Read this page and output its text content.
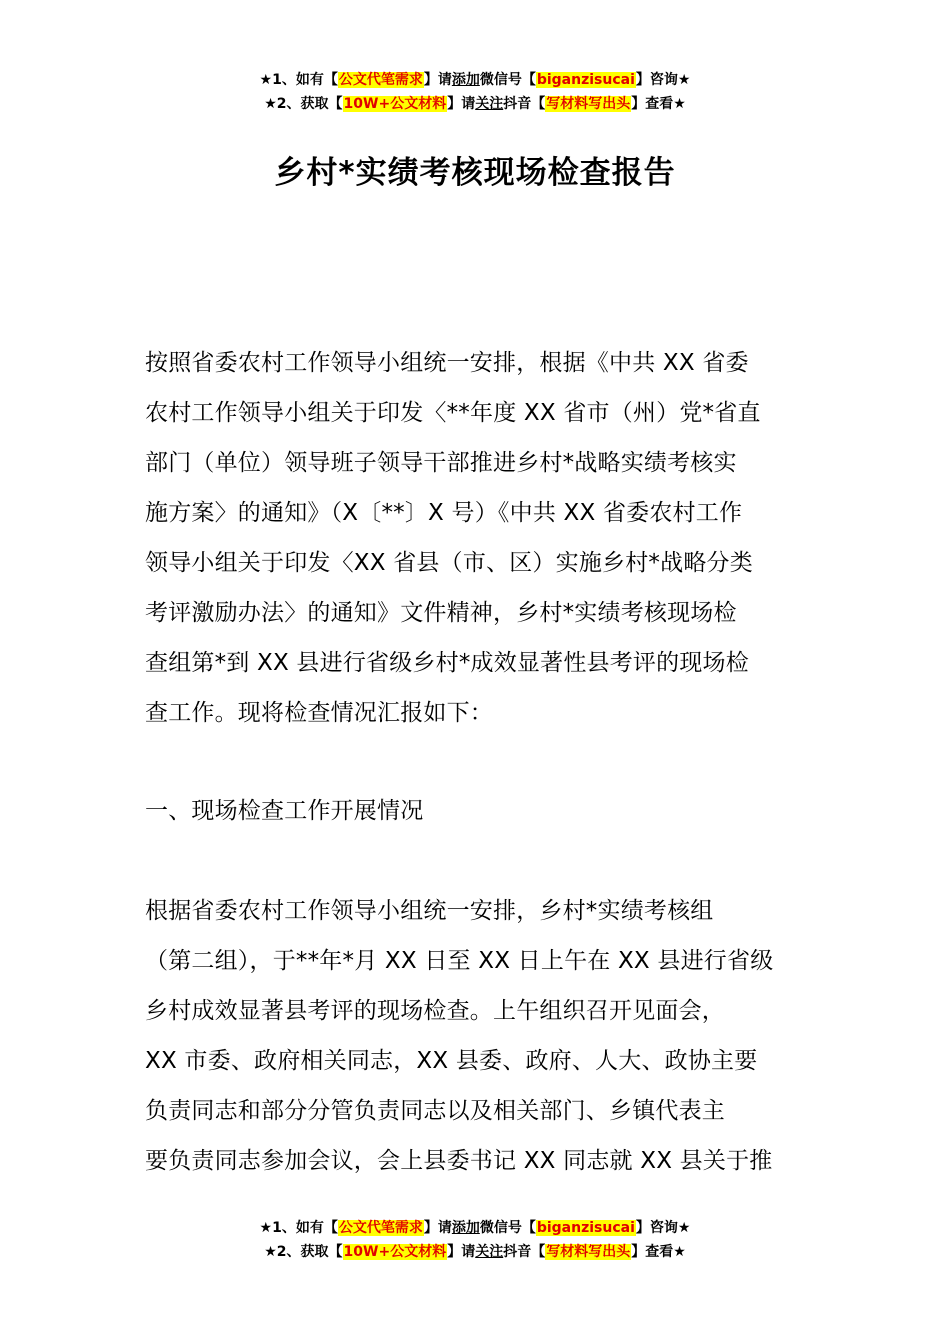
★1、如有【公文代笔需求】请添加微信号【biganzisucai】咨询★
★2、获取【10W+公文材料】请关注抖音【写材料写出头】查看★
乡村*实绩考核现场检查报告
按照省委农村工作领导小组统一安排，根据《中共 XX 省委
农村工作领导小组关于印发〈**年度 XX 省市（州）党*省直
部门（单位）领导班子领导干部推进乡村*战略实绩考核实
施方案〉的通知》（X〔**〕X 号）《中共 XX 省委农村工作
领导小组关于印发〈XX 省县（市、区）实施乡村*战略分类
考评激励办法〉的通知》文件精神，乡村*实绩考核现场检
查组第*到 XX 县进行省级乡村*成效显著性县考评的现场检
查工作。现将检查情况汇报如下：
一、现场检查工作开展情况
根据省委农村工作领导小组统一安排，乡村*实绩考核组
（第二组），于**年*月 XX 日至 XX 日上午在 XX 县进行省级
乡村成效显著县考评的现场检查。上午组织召开见面会，
XX 市委、政府相关同志，XX 县委、政府、人大、政协主要
负责同志和部分分管负责同志以及相关部门、乡镇代表主
要负责同志参加会议，会上县委书记 XX 同志就 XX 县关于推
★1、如有【公文代笔需求】请添加微信号【biganzisucai】咨询★
★2、获取【10W+公文材料】请关注抖音【写材料写出头】查看★
